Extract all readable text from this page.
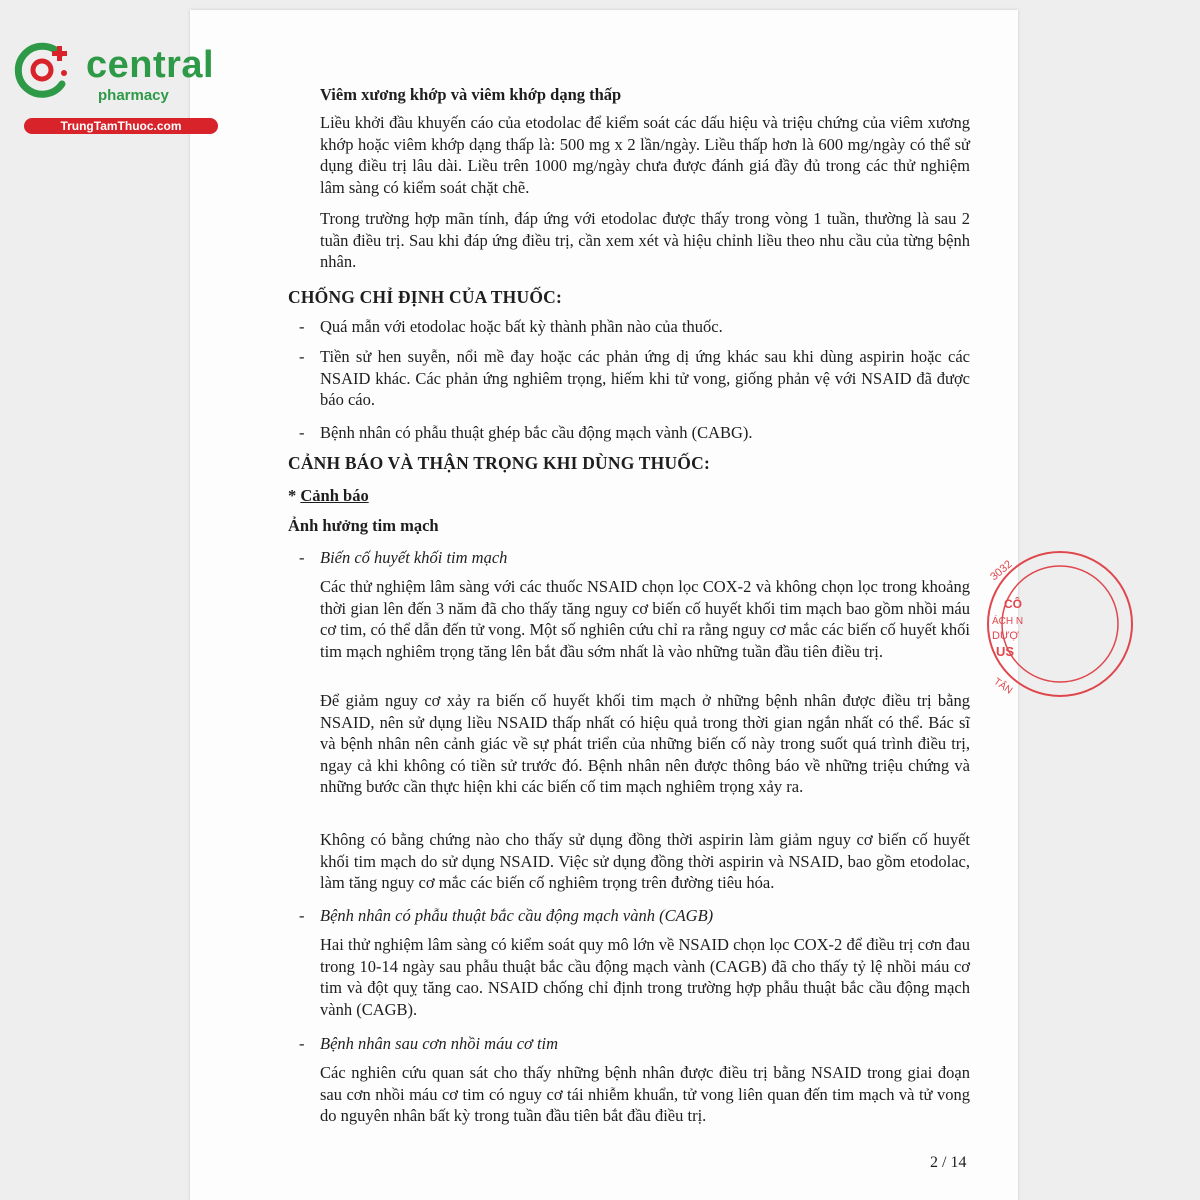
central
pharmacy
TrungTamThuoc.com
3032
CÔ
ÁCH N
DƯỢ
US
TÂN
Viêm xương khớp và viêm khớp dạng thấp
Liều khởi đầu khuyến cáo của etodolac để kiểm soát các dấu hiệu và triệu chứng của viêm xương khớp hoặc viêm khớp dạng thấp là: 500 mg x 2 lần/ngày. Liều thấp hơn là 600 mg/ngày có thể sử dụng điều trị lâu dài. Liều trên 1000 mg/ngày chưa được đánh giá đầy đủ trong các thử nghiệm lâm sàng có kiểm soát chặt chẽ.
Trong trường hợp mãn tính, đáp ứng với etodolac được thấy trong vòng 1 tuần, thường là sau 2 tuần điều trị. Sau khi đáp ứng điều trị, cần xem xét và hiệu chỉnh liều theo nhu cầu của từng bệnh nhân.
CHỐNG CHỈ ĐỊNH CỦA THUỐC:
- Quá mẫn với etodolac hoặc bất kỳ thành phần nào của thuốc.
- Tiền sử hen suyễn, nổi mề đay hoặc các phản ứng dị ứng khác sau khi dùng aspirin hoặc các NSAID khác. Các phản ứng nghiêm trọng, hiếm khi tử vong, giống phản vệ với NSAID đã được báo cáo.
- Bệnh nhân có phẫu thuật ghép bắc cầu động mạch vành (CABG).
CẢNH BÁO VÀ THẬN TRỌNG KHI DÙNG THUỐC:
* Cảnh báo
Ảnh hưởng tim mạch
- Biến cố huyết khối tim mạch
Các thử nghiệm lâm sàng với các thuốc NSAID chọn lọc COX-2 và không chọn lọc trong khoảng thời gian lên đến 3 năm đã cho thấy tăng nguy cơ biến cố huyết khối tim mạch bao gồm nhồi máu cơ tim, có thể dẫn đến tử vong. Một số nghiên cứu chỉ ra rằng nguy cơ mắc các biến cố huyết khối tim mạch nghiêm trọng tăng lên bắt đầu sớm nhất là vào những tuần đầu tiên điều trị.
Để giảm nguy cơ xảy ra biến cố huyết khối tim mạch ở những bệnh nhân được điều trị bằng NSAID, nên sử dụng liều NSAID thấp nhất có hiệu quả trong thời gian ngắn nhất có thể. Bác sĩ và bệnh nhân nên cảnh giác về sự phát triển của những biến cố này trong suốt quá trình điều trị, ngay cả khi không có tiền sử trước đó. Bệnh nhân nên được thông báo về những triệu chứng và những bước cần thực hiện khi các biến cố tim mạch nghiêm trọng xảy ra.
Không có bằng chứng nào cho thấy sử dụng đồng thời aspirin làm giảm nguy cơ biến cố huyết khối tim mạch do sử dụng NSAID. Việc sử dụng đồng thời aspirin và NSAID, bao gồm etodolac, làm tăng nguy cơ mắc các biến cố nghiêm trọng trên đường tiêu hóa.
- Bệnh nhân có phẫu thuật bắc cầu động mạch vành (CAGB)
Hai thử nghiệm lâm sàng có kiểm soát quy mô lớn về NSAID chọn lọc COX-2 để điều trị cơn đau trong 10-14 ngày sau phẫu thuật bắc cầu động mạch vành (CAGB) đã cho thấy tỷ lệ nhồi máu cơ tim và đột quỵ tăng cao. NSAID chống chỉ định trong trường hợp phẫu thuật bắc cầu động mạch vành (CAGB).
- Bệnh nhân sau cơn nhồi máu cơ tim
Các nghiên cứu quan sát cho thấy những bệnh nhân được điều trị bằng NSAID trong giai đoạn sau cơn nhồi máu cơ tim có nguy cơ tái nhiễm khuẩn, tử vong liên quan đến tim mạch và tử vong do nguyên nhân bất kỳ trong tuần đầu tiên bắt đầu điều trị.
2 / 14
